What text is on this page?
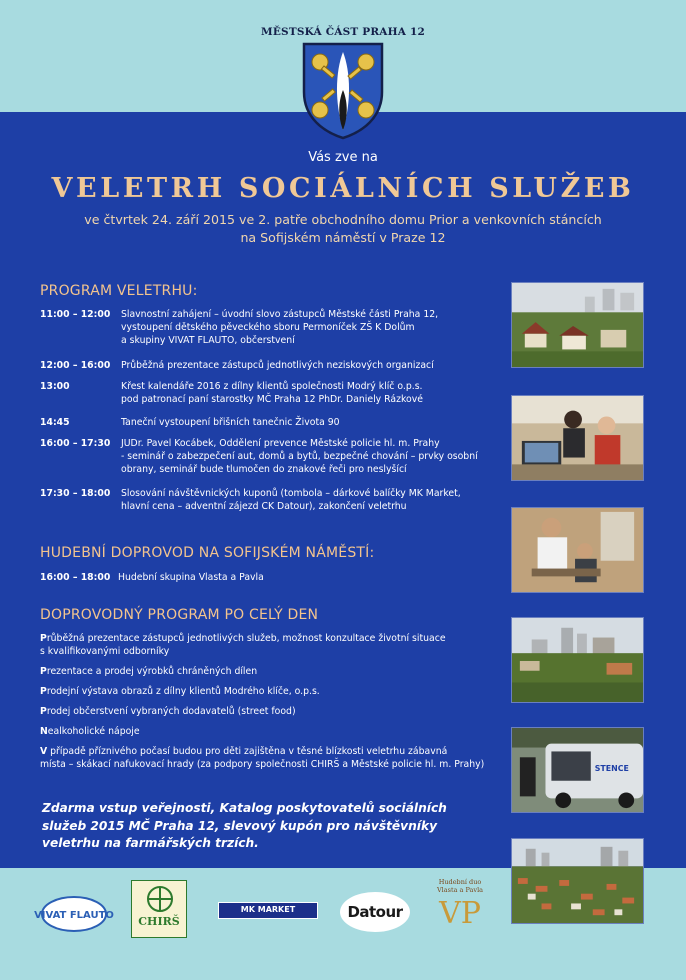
MĚSTSKÁ ČÁST PRAHA 12
Vás zve na
VELETRH SOCIÁLNÍCH SLUŽEB
ve čtvrtek 24. září 2015 ve 2. patře obchodního domu Prior a venkovních stáncích
na Sofijském náměstí v Praze 12
PROGRAM VELETRHU:
11:00 – 12:00	Slavnostní zahájení – úvodní slovo zástupců Městské části Praha 12,
vystoupení dětského pěveckého sboru Permoníček ZŠ K Dolům
a skupiny VIVAT FLAUTO, občerstvení
12:00 – 16:00	Průběžná prezentace zástupců jednotlivých neziskových organizací
13:00	Křest kalendáře 2016 z dílny klientů společnosti Modrý klíč o.p.s.
pod patronací paní starostky MČ Praha 12 PhDr. Daniely Rázkové
14:45	Taneční vystoupení břišních tanečnic Života 90
16:00 – 17:30	JUDr. Pavel Kocábek, Oddělení prevence Městské policie hl. m. Prahy
- seminář o zabezpečení aut, domů a bytů, bezpečné chování – prvky osobní
obrany, seminář bude tlumočen do znakové řeči pro neslyšící
17:30 – 18:00	Slosování návštěvnických kuponů (tombola – dárkové balíčky MK Market,
hlavní cena – adventní zájezd CK Datour), zakončení veletrhu
HUDEBNÍ DOPROVOD NA SOFIJSKÉM NÁMĚSTÍ:
16:00 – 18:00 Hudební skupina Vlasta a Pavla
DOPROVODNÝ PROGRAM PO CELÝ DEN
Průběžná prezentace zástupců jednotlivých služeb, možnost konzultace životní situace
s kvalifikovanými odborníky
Prezentace a prodej výrobků chráněných dílen
Prodejní výstava obrazů z dílny klientů Modrého klíče, o.p.s.
Prodej občerstvení vybraných dodavatelů (street food)
Nealkoholické nápoje
V případě příznivého počasí budou pro děti zajištěna v těsné blízkosti veletrhu zábavná
místa – skákací nafukovací hrady (za podpory společnosti CHIRŠ a Městské policie hl. m. Prahy)
Zdarma vstup veřejnosti, Katalog poskytovatelů sociálních
služeb 2015 MČ Praha 12, slevový kupón pro návštěvníky
veletrhu na farmářských trzích.
STENCE
VIVAT FLAUTO	CHIRŠ
MK MARKET	Datour
Hudební duo
Vlasta a Pavla
VP
